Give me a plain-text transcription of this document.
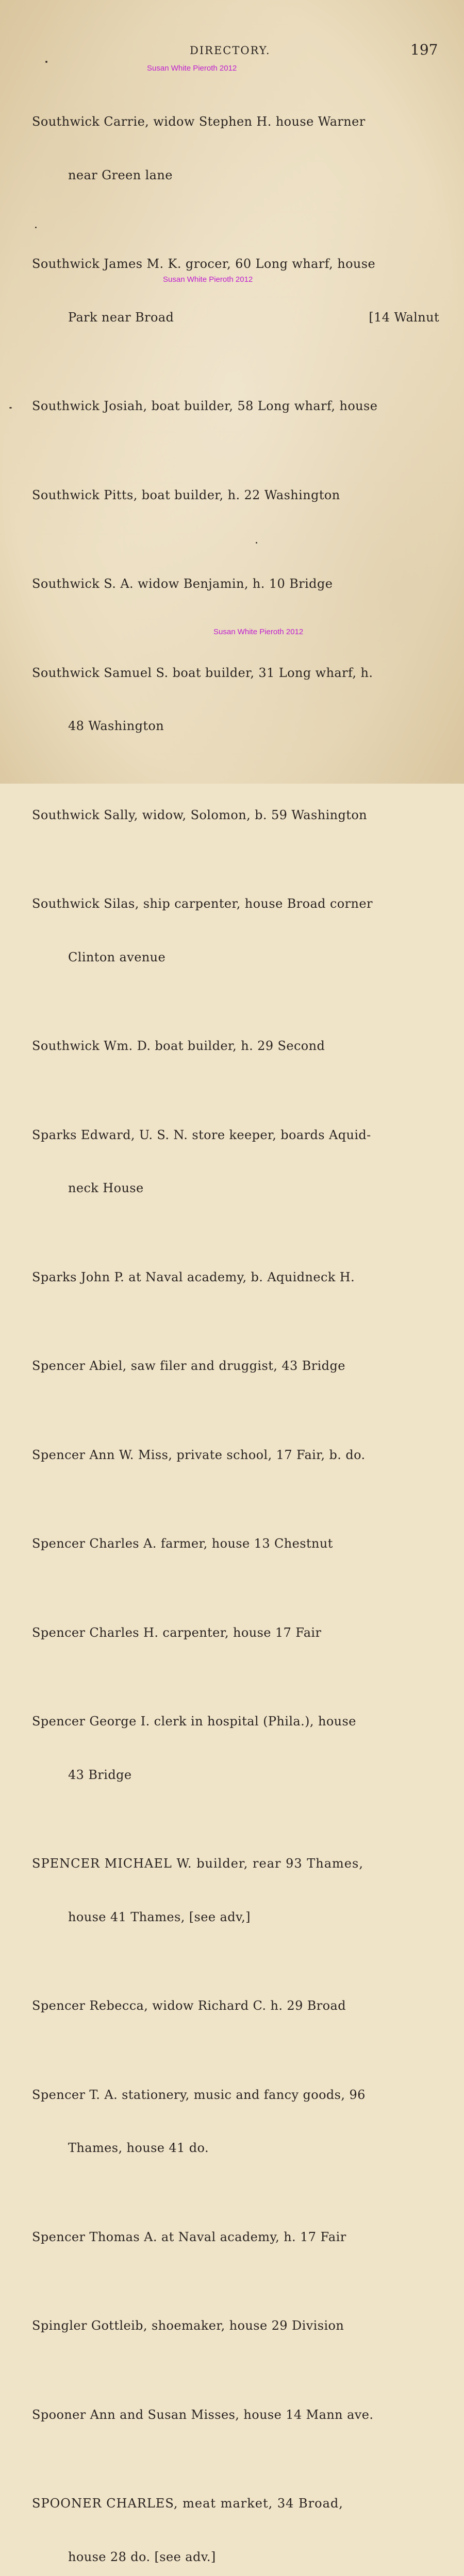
DIRECTORY.	197
Susan White Pieroth 2012
Susan White Pieroth 2012
Susan White Pieroth 2012

Southwick Carrie, widow Stephen H. house Warner

near Green lane

Southwick James M. K. grocer, 60 Long wharf, house

Park near Broad	[14 Walnut

Southwick Josiah, boat builder, 58 Long wharf, house

Southwick Pitts, boat builder, h. 22 Washington

Southwick S. A. widow Benjamin, h. 10 Bridge

Southwick Samuel S. boat builder, 31 Long wharf, h.

48 Washington

Southwick Sally, widow, Solomon, b. 59 Washington

Southwick Silas, ship carpenter, house Broad corner

Clinton avenue

Southwick Wm. D. boat builder, h. 29 Second

Sparks Edward, U. S. N. store keeper, boards Aquid-

neck House

Sparks John P. at Naval academy, b. Aquidneck H.

Spencer Abiel, saw filer and druggist, 43 Bridge

Spencer Ann W. Miss, private school, 17 Fair, b. do.

Spencer Charles A. farmer, house 13 Chestnut

Spencer Charles H. carpenter, house 17 Fair

Spencer George I. clerk in hospital (Phila.), house

43 Bridge

SPENCER MICHAEL W. builder, rear 93 Thames,

house 41 Thames, [see adv,]

Spencer Rebecca, widow Richard C. h. 29 Broad

Spencer T. A. stationery, music and fancy goods, 96

Thames, house 41 do.

Spencer Thomas A. at Naval academy, h. 17 Fair

Spingler Gottleib, shoemaker, house 29 Division

Spooner Ann and Susan Misses, house 14 Mann ave.

SPOONER CHARLES, meat market, 34 Broad,

house 28 do. [see adv.]
